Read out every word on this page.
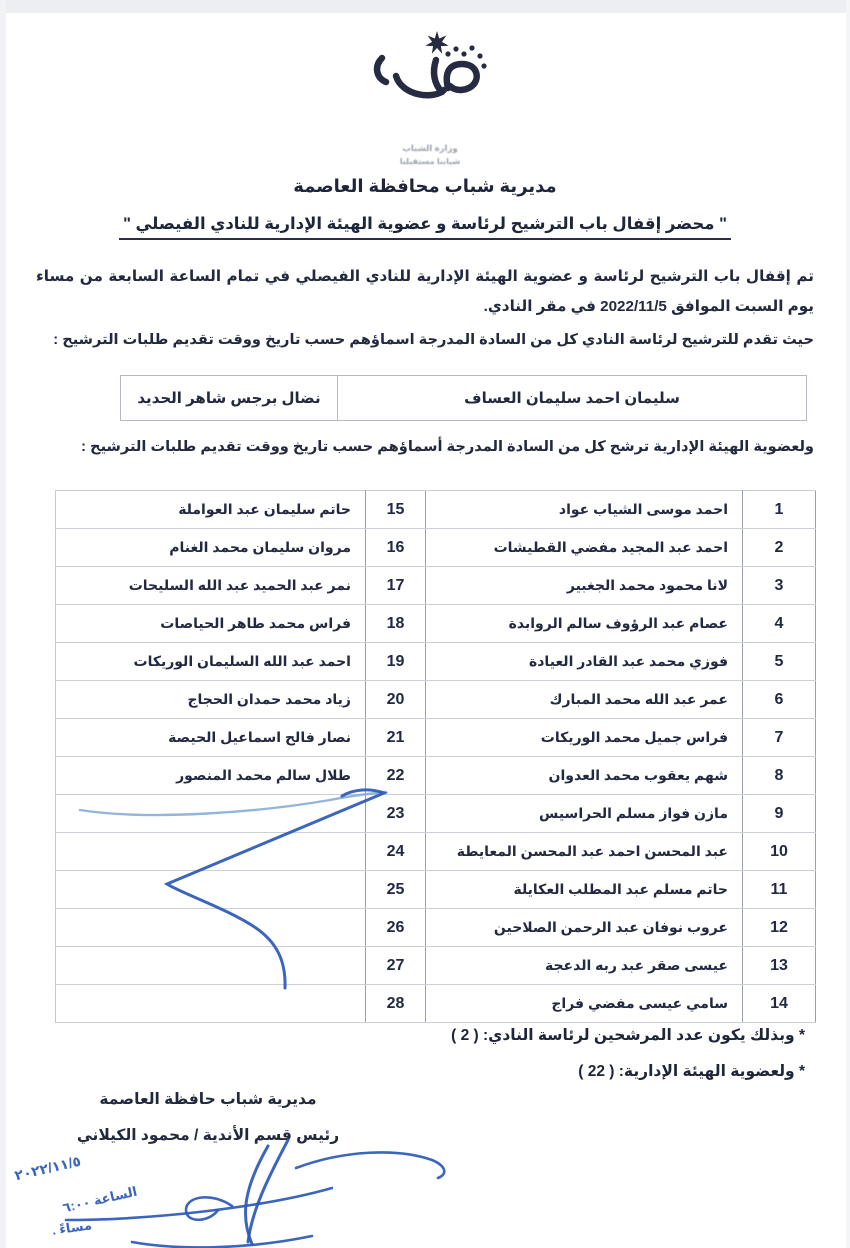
وزارة الشباب
شبابنا مستقبلنا
مديرية شباب محافظة العاصمة
" محضر إقفال باب الترشيح لرئاسة و عضوية الهيئة الإدارية للنادي الفيصلي "
تم إقفال باب الترشيح لرئاسة و عضوية الهيئة الإدارية للنادي الفيصلي في تمام الساعة السابعة من مساء يوم السبت الموافق 2022/11/5 في مقر النادي.
حيث تقدم للترشيح لرئاسة النادي كل من السادة المدرجة اسماؤهم حسب تاريخ ووقت تقديم طلبات الترشيح :
سليمان احمد سليمان العساف	نضال برجس شاهر الحديد
ولعضوية الهيئة الإدارية ترشح كل من السادة المدرجة أسماؤهم حسب تاريخ ووقت تقديم طلبات الترشيح :
1	احمد موسى الشياب عواد	15	حاتم سليمان عبد العواملة
2	احمد عبد المجيد مفضي القطيشات	16	مروان سليمان محمد الغنام
3	لانا محمود محمد الجغبير	17	نمر عبد الحميد عبد الله السليحات
4	عصام عبد الرؤوف سالم الروابدة	18	فراس محمد طاهر الحياصات
5	فوزي محمد عبد القادر العيادة	19	احمد عبد الله السليمان الوريكات
6	عمر عبد الله محمد المبارك	20	زياد محمد حمدان الحجاج
7	فراس جميل محمد الوريكات	21	نصار فالح اسماعيل الحيصة
8	شهم يعقوب محمد العدوان	22	طلال سالم محمد المنصور
9	مازن فواز مسلم الحراسيس	23	
10	عبد المحسن احمد عبد المحسن المعايطة	24	
11	حاتم مسلم عبد المطلب العكايلة	25	
12	عروب نوفان عبد الرحمن الصلاحين	26	
13	عيسى صقر عبد ربه الدعجة	27	
14	سامي عيسى مفضي فراج	28	
* وبذلك يكون عدد المرشحين لرئاسة النادي: ( 2 )
* ولعضوية الهيئة الإدارية: ( 22 )
مديرية شباب حافظة العاصمة
رئيس قسم الأندية / محمود الكيلاني
٢٠٢٢/١١/٥
الساعة ٦:٠٠
مساءً .
